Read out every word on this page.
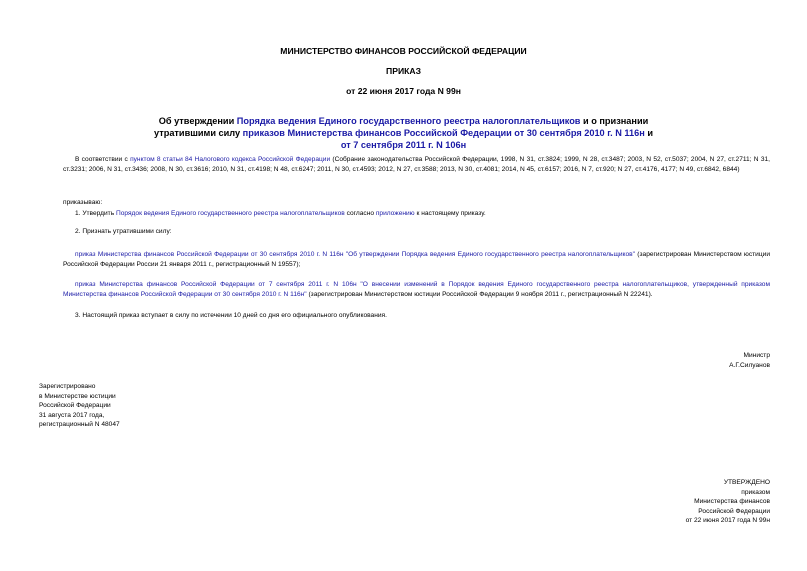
МИНИСТЕРСТВО ФИНАНСОВ РОССИЙСКОЙ ФЕДЕРАЦИИ
ПРИКАЗ
от 22 июня 2017 года N 99н
Об утверждении Порядка ведения Единого государственного реестра налогоплательщиков и о признании утратившими силу приказов Министерства финансов Российской Федерации от 30 сентября 2010 г. N 116н и от 7 сентября 2011 г. N 106н
В соответствии с пунктом 8 статьи 84 Налогового кодекса Российской Федерации (Собрание законодательства Российской Федерации, 1998, N 31, ст.3824; 1999, N 28, ст.3487; 2003, N 52, ст.5037; 2004, N 27, ст.2711; N 31, ст.3231; 2006, N 31, ст.3436; 2008, N 30, ст.3616; 2010, N 31, ст.4198; N 48, ст.6247; 2011, N 30, ст.4593; 2012, N 27, ст.3588; 2013, N 30, ст.4081; 2014, N 45, ст.6157; 2016, N 7, ст.920; N 27, ст.4176, 4177; N 49, ст.6842, 6844)
приказываю:
1. Утвердить Порядок ведения Единого государственного реестра налогоплательщиков согласно приложению к настоящему приказу.
2. Признать утратившими силу:
приказ Министерства финансов Российской Федерации от 30 сентября 2010 г. N 116н "Об утверждении Порядка ведения Единого государственного реестра налогоплательщиков" (зарегистрирован Министерством юстиции Российской Федерации России 21 января 2011 г., регистрационный N 19557);
приказ Министерства финансов Российской Федерации от 7 сентября 2011 г. N 106н "О внесении изменений в Порядок ведения Единого государственного реестра налогоплательщиков, утвержденный приказом Министерства финансов Российской Федерации от 30 сентября 2010 г. N 116н" (зарегистрирован Министерством юстиции Российской Федерации 9 ноября 2011 г., регистрационный N 22241).
3. Настоящий приказ вступает в силу по истечении 10 дней со дня его официального опубликования.
Министр
А.Г.Силуанов
Зарегистрировано
в Министерстве юстиции
Российской Федерации
31 августа 2017 года,
регистрационный N 48047
УТВЕРЖДЕНО
приказом
Министерства финансов
Российской Федерации
от 22 июня 2017 года N 99н
